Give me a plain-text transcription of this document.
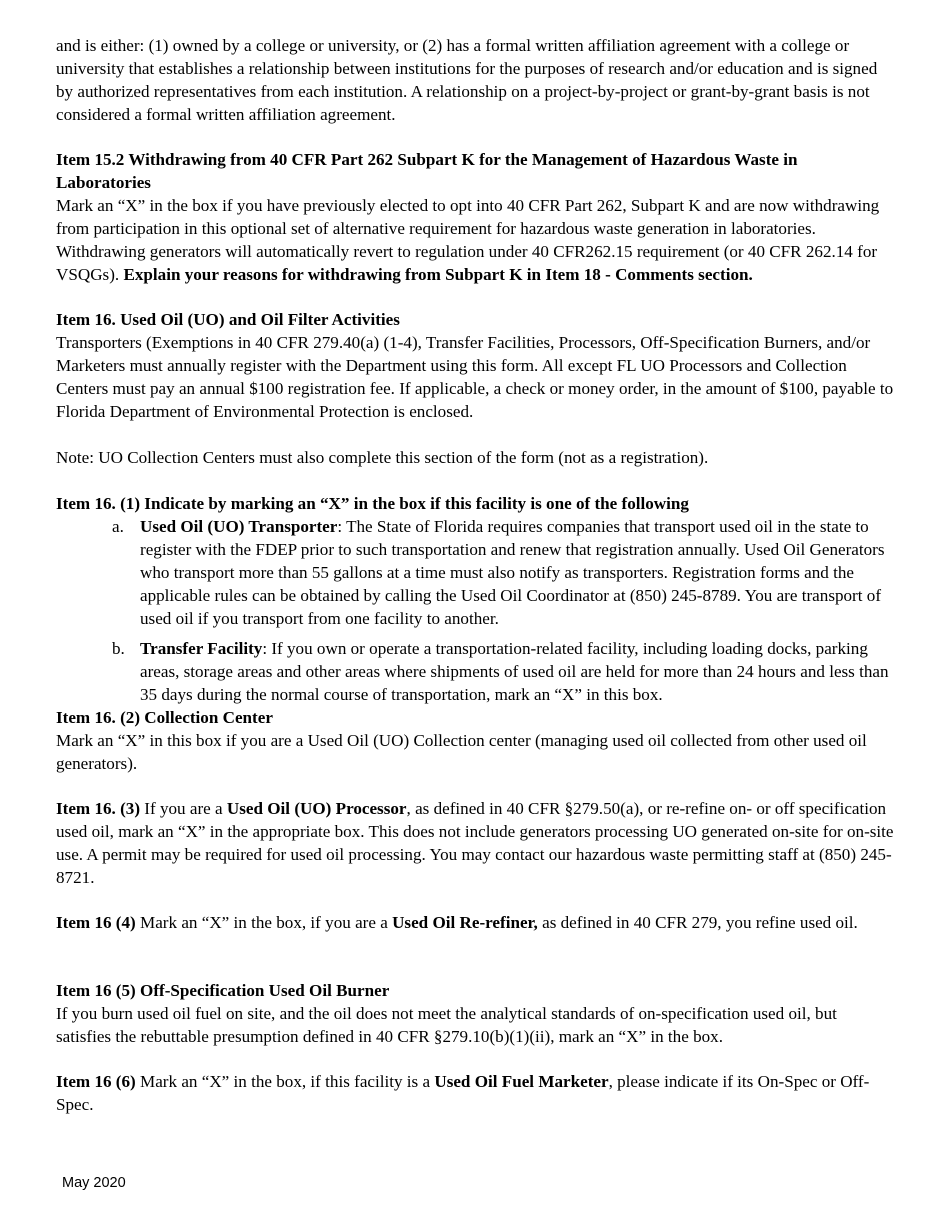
and is either: (1) owned by a college or university, or (2) has a formal written affiliation agreement with a college or university that establishes a relationship between institutions for the purposes of research and/or education and is signed by authorized representatives from each institution. A relationship on a project-by-project or grant-by-grant basis is not considered a formal written affiliation agreement.

Item 15.2 Withdrawing from 40 CFR Part 262 Subpart K for the Management of Hazardous Waste in Laboratories

Mark an “X” in the box if you have previously elected to opt into 40 CFR Part 262, Subpart K and are now withdrawing from participation in this optional set of alternative requirement for hazardous waste generation in laboratories. Withdrawing generators will automatically revert to regulation under 40 CFR262.15 requirement (or 40 CFR 262.14 for VSQGs). Explain your reasons for withdrawing from Subpart K in Item 18 - Comments section.

Item 16. Used Oil (UO) and Oil Filter Activities

Transporters (Exemptions in 40 CFR 279.40(a) (1-4), Transfer Facilities, Processors, Off-Specification Burners, and/or Marketers must annually register with the Department using this form. All except FL UO Processors and Collection Centers must pay an annual $100 registration fee. If applicable, a check or money order, in the amount of $100, payable to Florida Department of Environmental Protection is enclosed.

Note: UO Collection Centers must also complete this section of the form (not as a registration).

Item 16. (1) Indicate by marking an “X” in the box if this facility is one of the following

a. Used Oil (UO) Transporter: The State of Florida requires companies that transport used oil in the state to register with the FDEP prior to such transportation and renew that registration annually. Used Oil Generators who transport more than 55 gallons at a time must also notify as transporters. Registration forms and the applicable rules can be obtained by calling the Used Oil Coordinator at (850) 245-8789. You are transport of used oil if you transport from one facility to another.
b. Transfer Facility: If you own or operate a transportation-related facility, including loading docks, parking areas, storage areas and other areas where shipments of used oil are held for more than 24 hours and less than 35 days during the normal course of transportation, mark an “X” in this box.

Item 16. (2) Collection Center

Mark an “X” in this box if you are a Used Oil (UO) Collection center (managing used oil collected from other used oil generators).

Item 16. (3) If you are a Used Oil (UO) Processor, as defined in 40 CFR §279.50(a), or re-refine on- or off specification used oil, mark an “X” in the appropriate box. This does not include generators processing UO generated on-site for on-site use. A permit may be required for used oil processing. You may contact our hazardous waste permitting staff at (850) 245-8721.

Item 16 (4) Mark an “X” in the box, if you are a Used Oil Re-refiner, as defined in 40 CFR 279, you refine used oil.

Item 16 (5) Off-Specification Used Oil Burner

If you burn used oil fuel on site, and the oil does not meet the analytical standards of on-specification used oil, but satisfies the rebuttable presumption defined in 40 CFR §279.10(b)(1)(ii), mark an “X” in the box.

Item 16 (6) Mark an “X” in the box, if this facility is a Used Oil Fuel Marketer, please indicate if its On-Spec or Off-Spec.

May 2020
